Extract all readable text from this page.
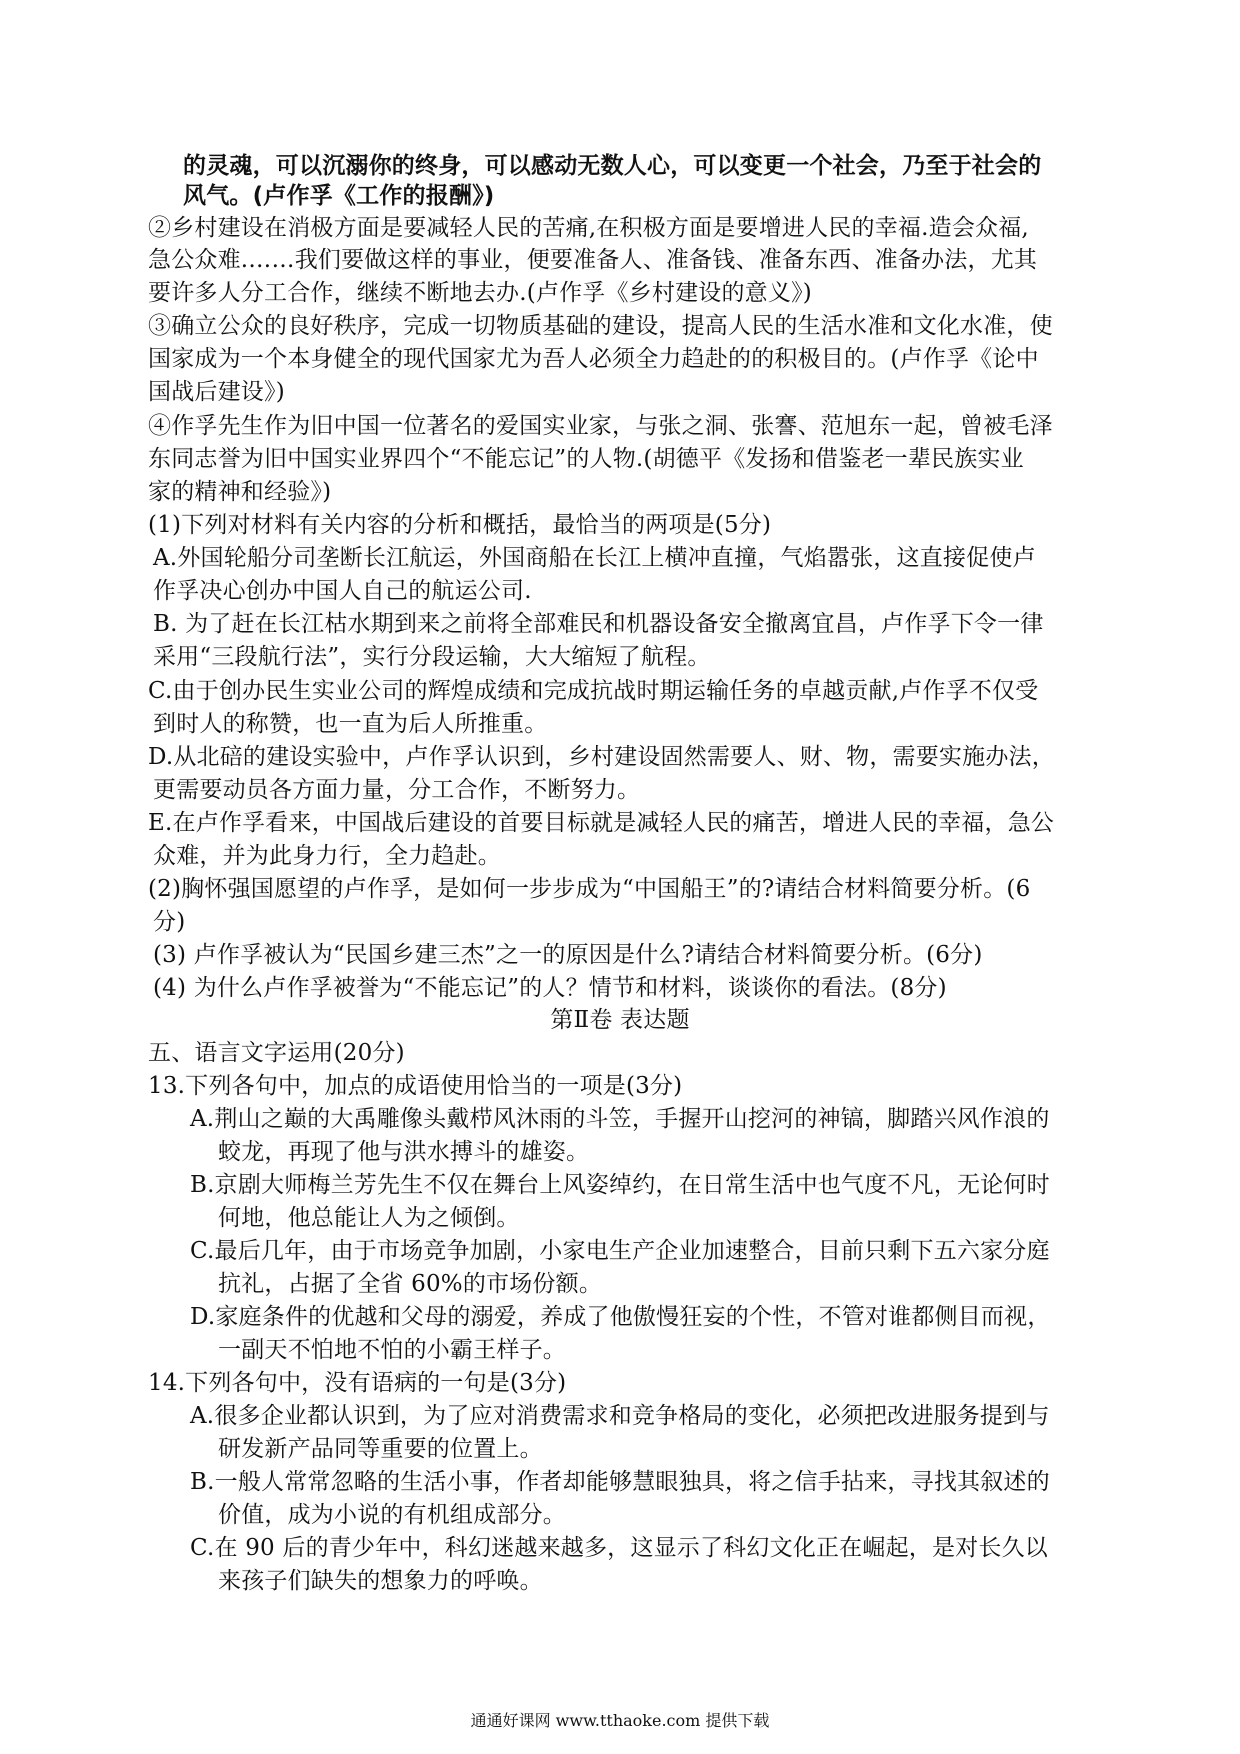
的灵魂，可以沉溺你的终身，可以感动无数人心，可以变更一个社会，乃至于社会的
风气。(卢作孚《工作的报酬》)
②乡村建设在消极方面是要减轻人民的苦痛,在积极方面是要增进人民的幸福.造会众福,
急公众难.……我们要做这样的事业，便要准备人、准备钱、准备东西、准备办法，尤其
要许多人分工合作，继续不断地去办.(卢作孚《乡村建设的意义》)
③确立公众的良好秩序，完成一切物质基础的建设，提高人民的生活水准和文化水准，使
国家成为一个本身健全的现代国家尤为吾人必须全力趋赴的的积极目的。(卢作孚《论中
国战后建设》)
④作孚先生作为旧中国一位著名的爱国实业家，与张之洞、张謇、范旭东一起，曾被毛泽
东同志誉为旧中国实业界四个“不能忘记”的人物.(胡德平《发扬和借鉴老一辈民族实业
家的精神和经验》)
(1)下列对材料有关内容的分析和概括，最恰当的两项是(5分)
A.外国轮船分司垄断长江航运，外国商船在长江上横冲直撞，气焰嚣张，这直接促使卢
作孚决心创办中国人自己的航运公司.
B. 为了赶在长江枯水期到来之前将全部难民和机器设备安全撤离宜昌，卢作孚下令一律
采用“三段航行法”，实行分段运输，大大缩短了航程。
C.由于创办民生实业公司的辉煌成绩和完成抗战时期运输任务的卓越贡献,卢作孚不仅受
到时人的称赞，也一直为后人所推重。
D.从北碚的建设实验中，卢作孚认识到，乡村建设固然需要人、财、物，需要实施办法，
更需要动员各方面力量，分工合作，不断努力。
E.在卢作孚看来，中国战后建设的首要目标就是减轻人民的痛苦，增进人民的幸福，急公
众难，并为此身力行，全力趋赴。
(2)胸怀强国愿望的卢作孚，是如何一步步成为“中国船王”的?请结合材料简要分析。(6
分)
(3) 卢作孚被认为“民国乡建三杰”之一的原因是什么?请结合材料简要分析。(6分)
(4) 为什么卢作孚被誉为“不能忘记”的人？情节和材料，谈谈你的看法。(8分)
第Ⅱ卷 表达题
五、语言文字运用(20分)
13.下列各句中，加点的成语使用恰当的一项是(3分)
A.荆山之巅的大禹雕像头戴栉风沐雨的斗笠，手握开山挖河的神镐，脚踏兴风作浪的
蛟龙，再现了他与洪水搏斗的雄姿。
B.京剧大师梅兰芳先生不仅在舞台上风姿绰约，在日常生活中也气度不凡，无论何时
何地，他总能让人为之倾倒。
C.最后几年，由于市场竞争加剧，小家电生产企业加速整合，目前只剩下五六家分庭
抗礼，占据了全省 60%的市场份额。
D.家庭条件的优越和父母的溺爱，养成了他傲慢狂妄的个性，不管对谁都侧目而视，
一副天不怕地不怕的小霸王样子。
14.下列各句中，没有语病的一句是(3分)
A.很多企业都认识到，为了应对消费需求和竞争格局的变化，必须把改进服务提到与
研发新产品同等重要的位置上。
B.一般人常常忽略的生活小事，作者却能够慧眼独具，将之信手拈来，寻找其叙述的
价值，成为小说的有机组成部分。
C.在 90 后的青少年中，科幻迷越来越多，这显示了科幻文化正在崛起，是对长久以
来孩子们缺失的想象力的呼唤。
通通好课网 www.tthaoke.com 提供下载
